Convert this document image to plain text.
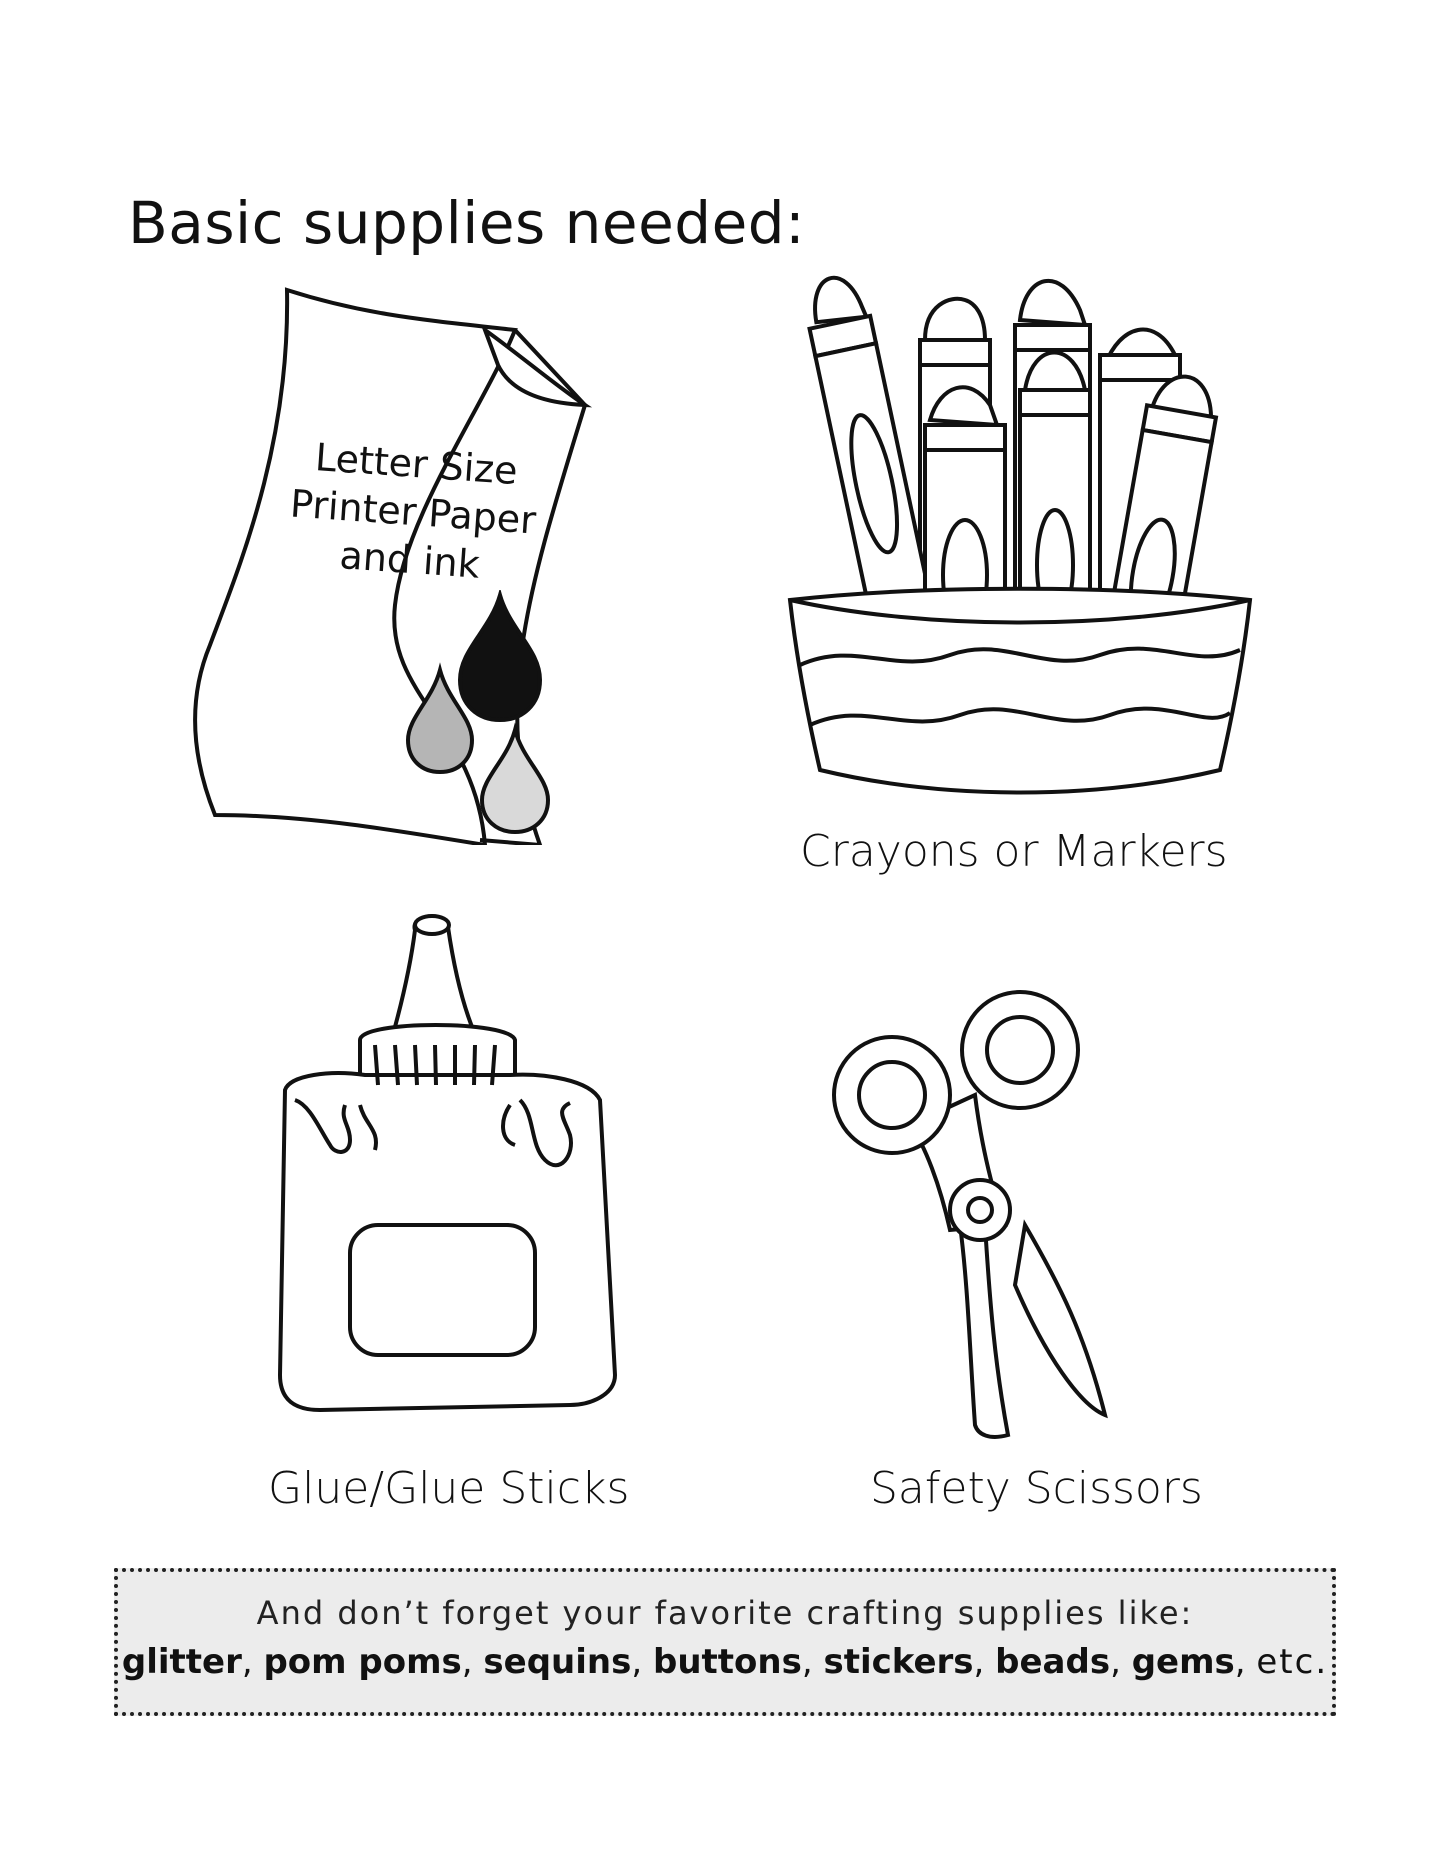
Basic supplies needed:
Letter Size
Printer Paper
and ink
Crayons or Markers
Glue/Glue Sticks	Safety Scissors
And don’t forget your favorite crafting supplies like:
glitter, pom poms, sequins, buttons, stickers, beads, gems, etc.
